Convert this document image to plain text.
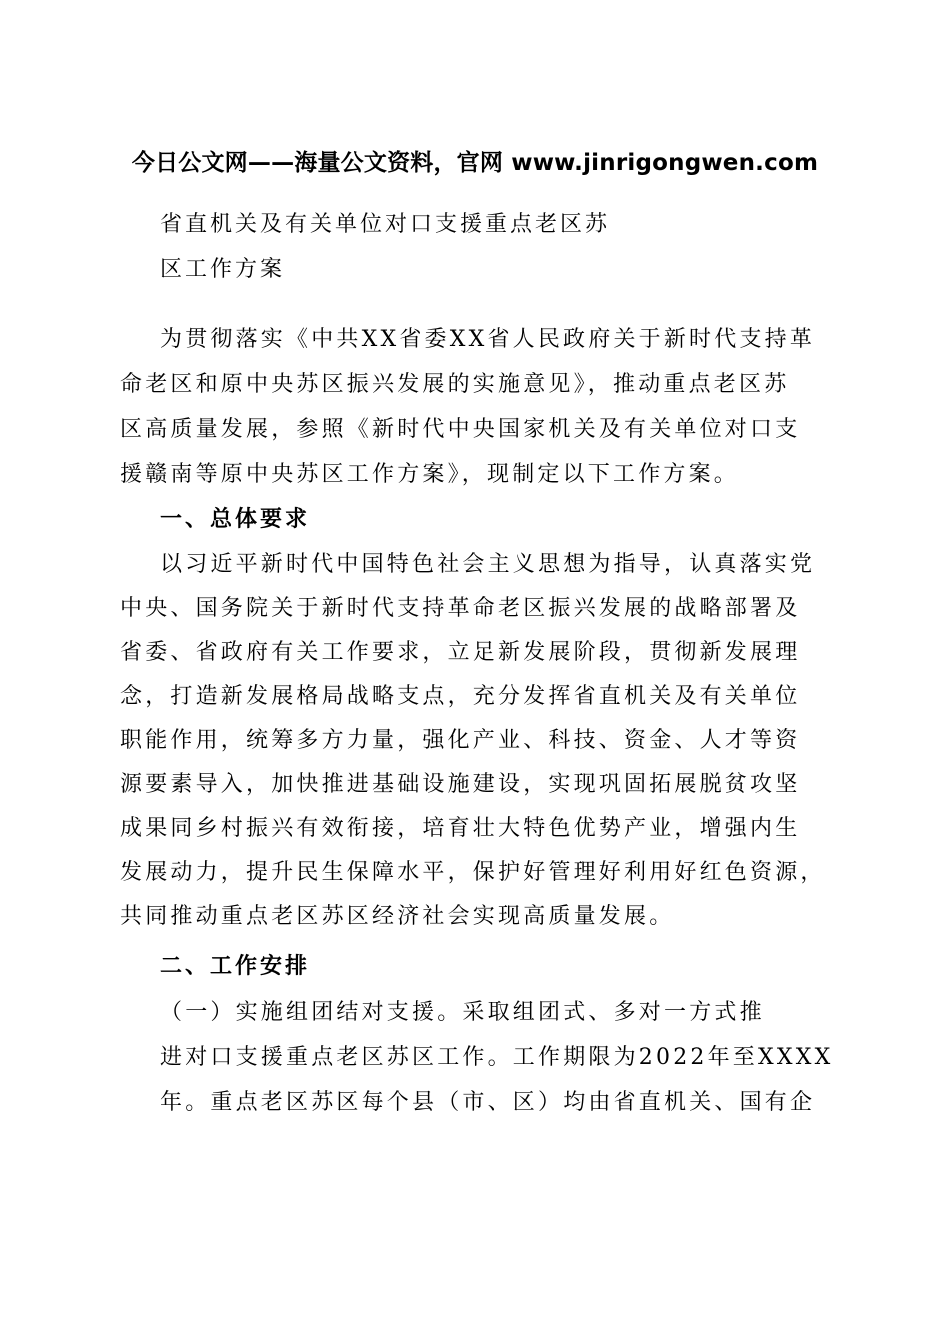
今日公文网——海量公文资料，官网 www.jinrigongwen.com
省直机关及有关单位对口支援重点老区苏
区工作方案
为贯彻落实《中共XX省委XX省人民政府关于新时代支持革
命老区和原中央苏区振兴发展的实施意见》，推动重点老区苏
区高质量发展，参照《新时代中央国家机关及有关单位对口支
援赣南等原中央苏区工作方案》，现制定以下工作方案。
一、总体要求
以习近平新时代中国特色社会主义思想为指导，认真落实党
中央、国务院关于新时代支持革命老区振兴发展的战略部署及
省委、省政府有关工作要求，立足新发展阶段，贯彻新发展理
念，打造新发展格局战略支点，充分发挥省直机关及有关单位
职能作用，统筹多方力量，强化产业、科技、资金、人才等资
源要素导入，加快推进基础设施建设，实现巩固拓展脱贫攻坚
成果同乡村振兴有效衔接，培育壮大特色优势产业，增强内生
发展动力，提升民生保障水平，保护好管理好利用好红色资源，
共同推动重点老区苏区经济社会实现高质量发展。
二、工作安排
（一）实施组团结对支援。采取组团式、多对一方式推
进对口支援重点老区苏区工作。工作期限为2022年至XXXX
年。重点老区苏区每个县（市、区）均由省直机关、国有企
